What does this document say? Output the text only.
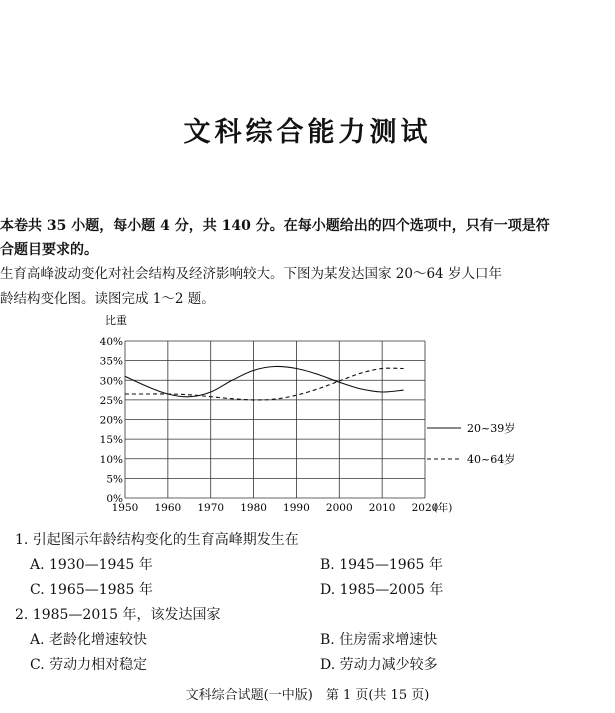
文科综合能力测试
本卷共 35 小题，每小题 4 分，共 140 分。在每小题给出的四个选项中，只有一项是符
合题目要求的。
生育高峰波动变化对社会结构及经济影响较大。下图为某发达国家 20～64 岁人口年
龄结构变化图。读图完成 1～2 题。
1950 1960 1970 1980 1990 2000 2010 2020
(年)
0%
5%
10%
15%
20%
25%
30%
35%
40%
20~39岁
40~64岁
比重
1. 引起图示年龄结构变化的生育高峰期发生在
A. 1930—1945 年	B. 1945—1965 年
C. 1965—1985 年	D. 1985—2005 年
2. 1985—2015 年，该发达国家
A. 老龄化增速较快	B. 住房需求增速快
C. 劳动力相对稳定	D. 劳动力减少较多
文科综合试题(一中版)　第 1 页(共 15 页)
